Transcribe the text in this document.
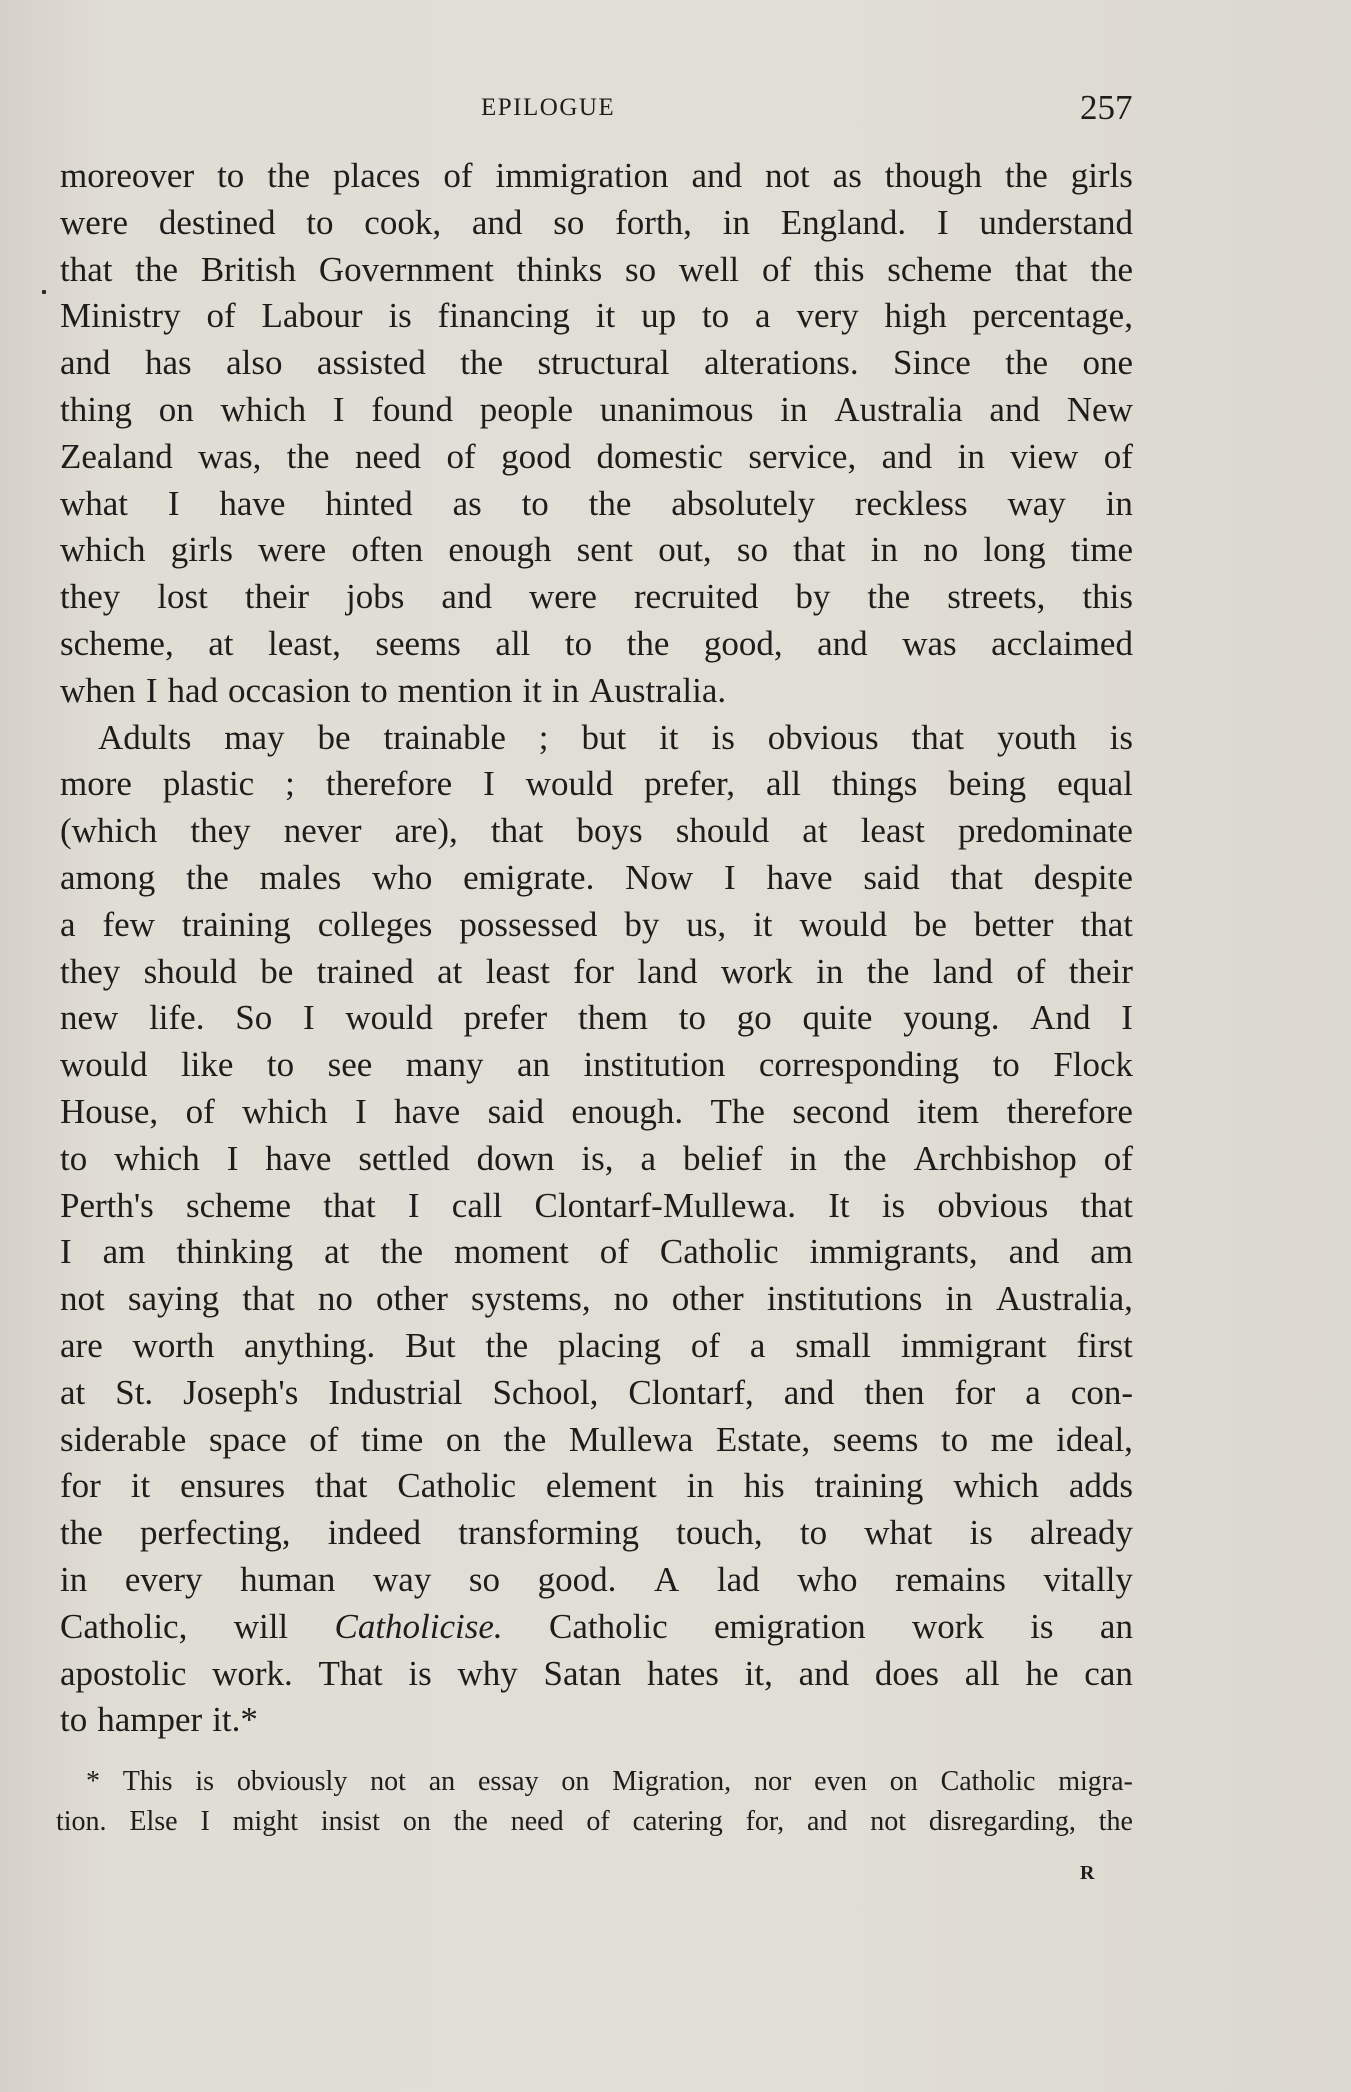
EPILOGUE	257
moreover to the places of immigration and not as though the girls
were destined to cook, and so forth, in England. I understand
that the British Government thinks so well of this scheme that the
Ministry of Labour is financing it up to a very high percentage,
and has also assisted the structural alterations. Since the one
thing on which I found people unanimous in Australia and New
Zealand was, the need of good domestic service, and in view of
what I have hinted as to the absolutely reckless way in
which girls were often enough sent out, so that in no long time
they lost their jobs and were recruited by the streets, this
scheme, at least, seems all to the good, and was acclaimed
when I had occasion to mention it in Australia.
Adults may be trainable ; but it is obvious that youth is
more plastic ; therefore I would prefer, all things being equal
(which they never are), that boys should at least predominate
among the males who emigrate. Now I have said that despite
a few training colleges possessed by us, it would be better that
they should be trained at least for land work in the land of their
new life. So I would prefer them to go quite young. And I
would like to see many an institution corresponding to Flock
House, of which I have said enough. The second item therefore
to which I have settled down is, a belief in the Archbishop of
Perth's scheme that I call Clontarf-Mullewa. It is obvious that
I am thinking at the moment of Catholic immigrants, and am
not saying that no other systems, no other institutions in Australia,
are worth anything. But the placing of a small immigrant first
at St. Joseph's Industrial School, Clontarf, and then for a con-
siderable space of time on the Mullewa Estate, seems to me ideal,
for it ensures that Catholic element in his training which adds
the perfecting, indeed transforming touch, to what is already
in every human way so good. A lad who remains vitally
Catholic, will Catholicise. Catholic emigration work is an
apostolic work. That is why Satan hates it, and does all he can
to hamper it.*
* This is obviously not an essay on Migration, nor even on Catholic migra-
tion. Else I might insist on the need of catering for, and not disregarding, the
R
